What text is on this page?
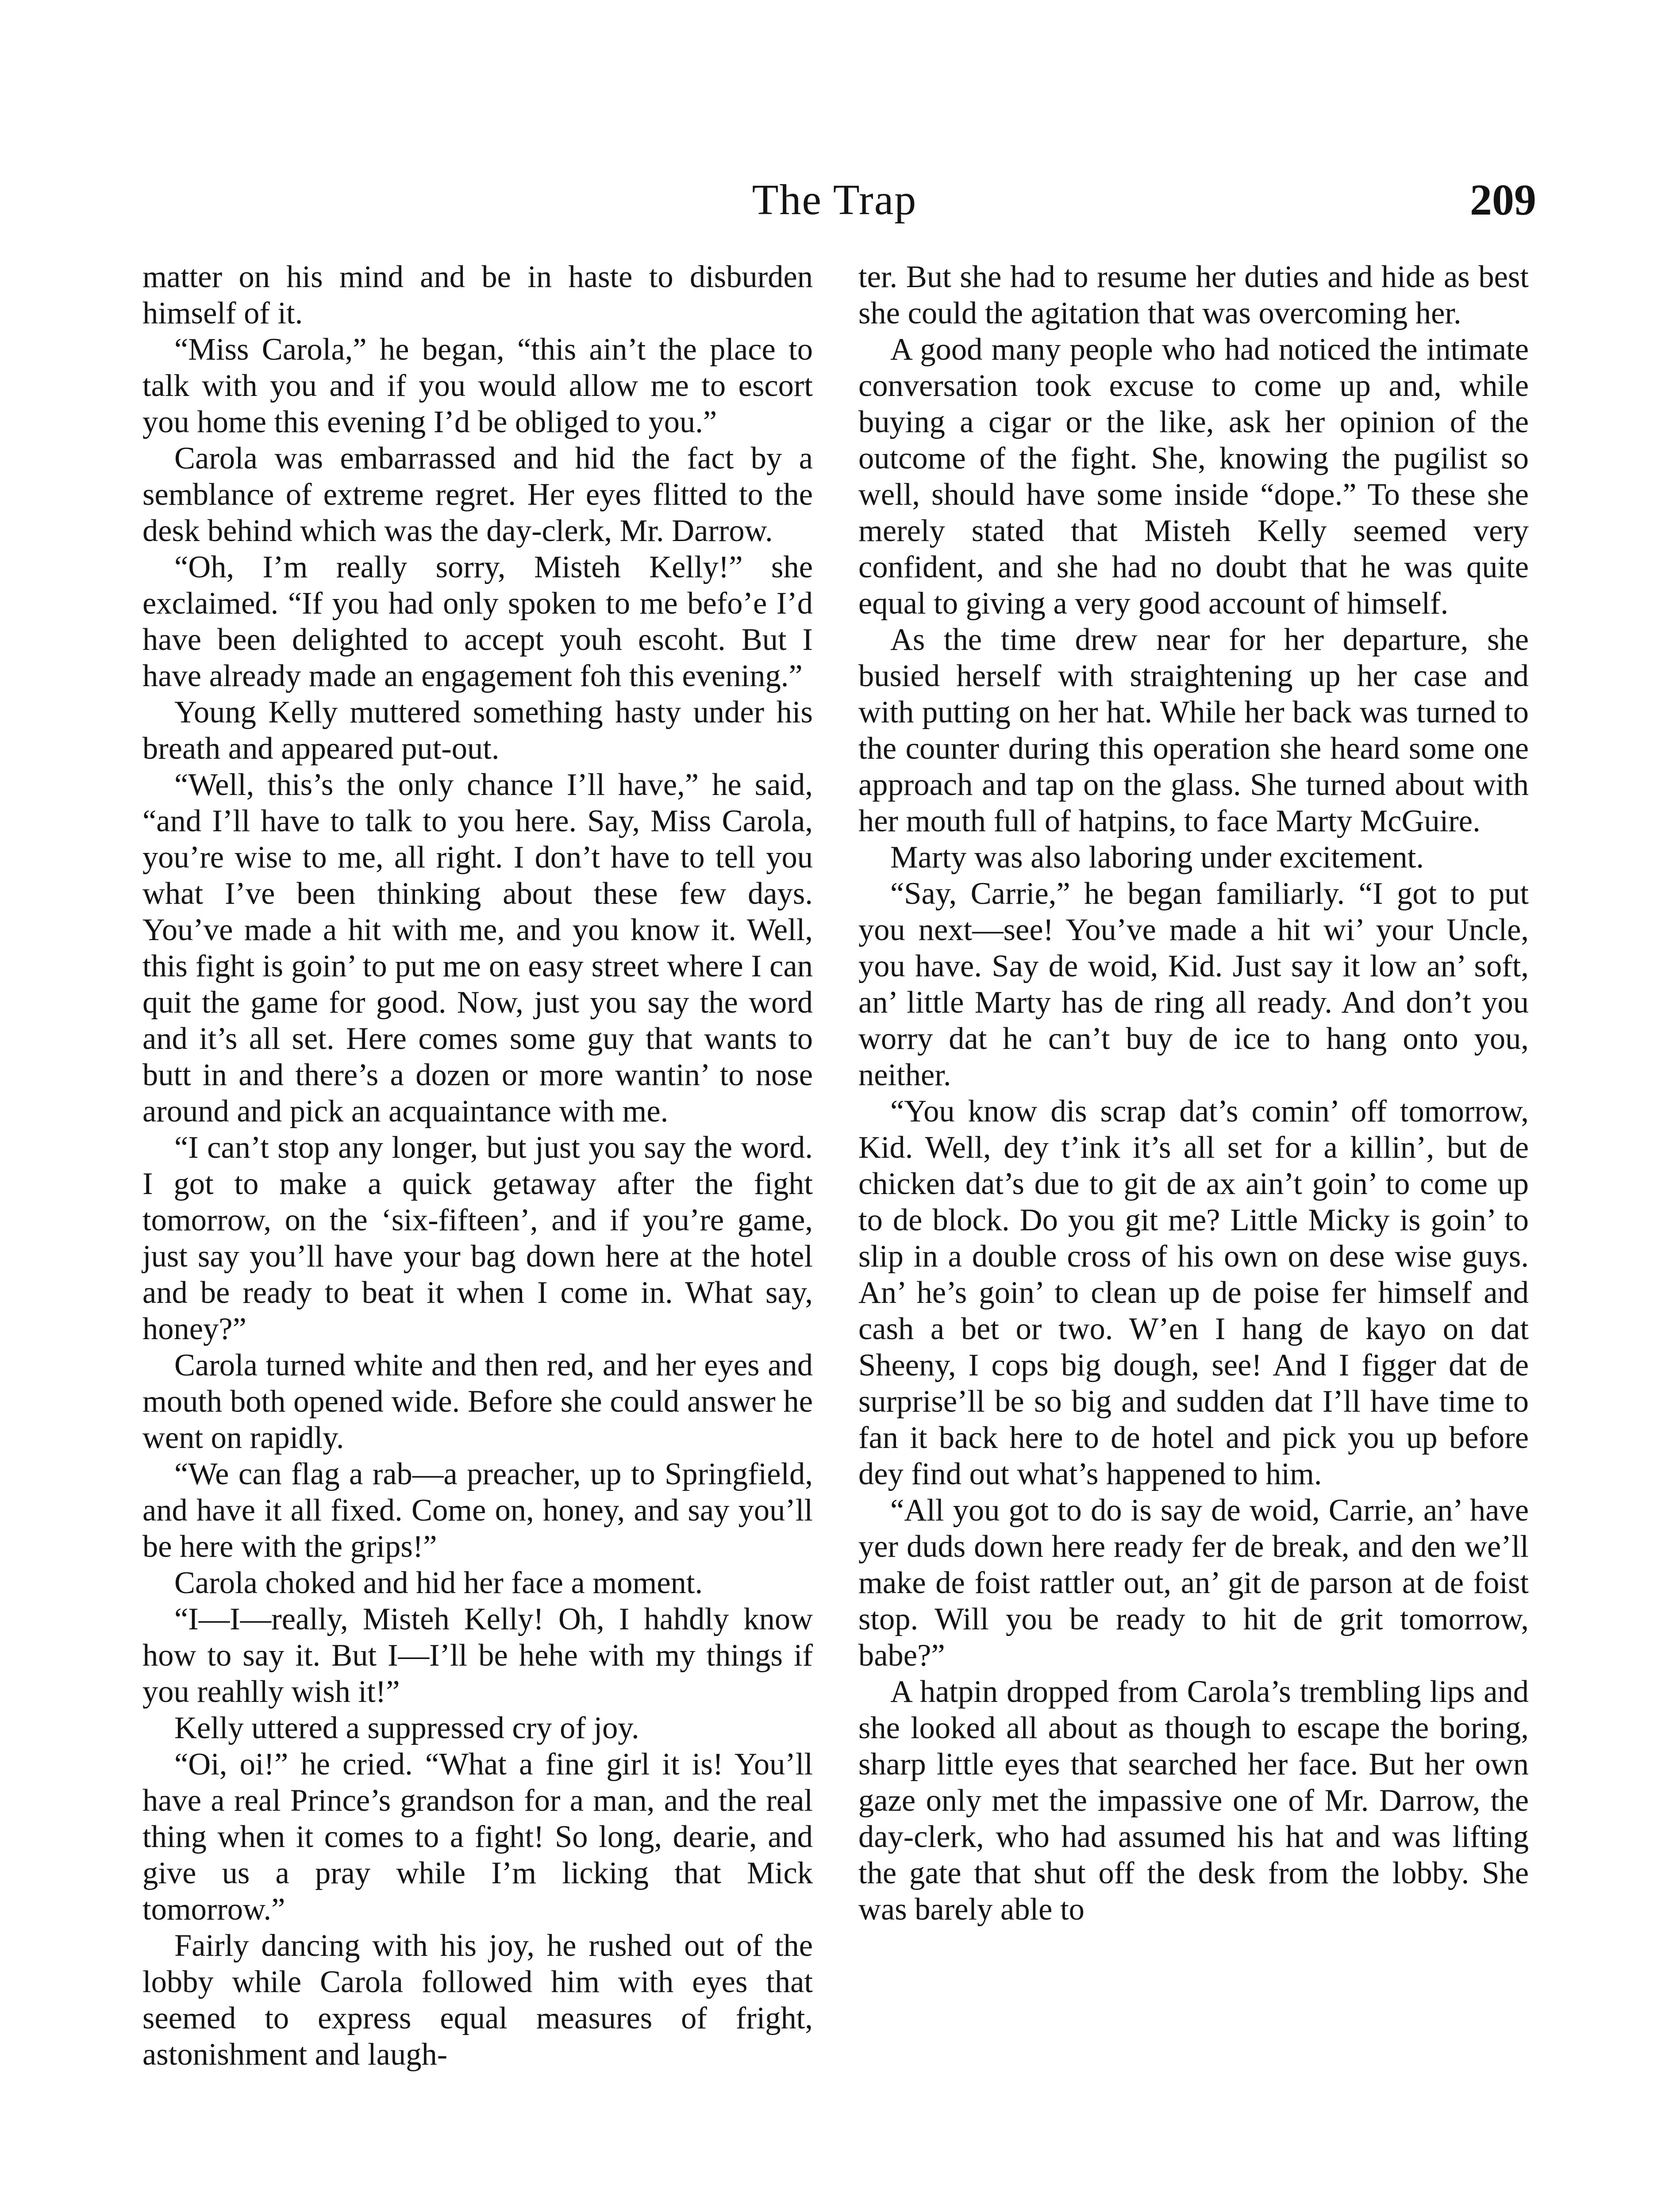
The Trap	209

matter on his mind and be in haste to disburden himself of it.

“Miss Carola,” he began, “this ain’t the place to talk with you and if you would allow me to escort you home this evening I’d be obliged to you.”

Carola was embarrassed and hid the fact by a semblance of extreme regret. Her eyes flitted to the desk behind which was the day-clerk, Mr. Darrow.

“Oh, I’m really sorry, Misteh Kelly!” she exclaimed. “If you had only spoken to me befo’e I’d have been delighted to accept youh escoht. But I have already made an engagement foh this evening.”

Young Kelly muttered something hasty under his breath and appeared put-out.

“Well, this’s the only chance I’ll have,” he said, “and I’ll have to talk to you here. Say, Miss Carola, you’re wise to me, all right. I don’t have to tell you what I’ve been thinking about these few days. You’ve made a hit with me, and you know it. Well, this fight is goin’ to put me on easy street where I can quit the game for good. Now, just you say the word and it’s all set. Here comes some guy that wants to butt in and there’s a dozen or more wantin’ to nose around and pick an acquaintance with me.

“I can’t stop any longer, but just you say the word. I got to make a quick getaway after the fight tomorrow, on the ‘six-fifteen’, and if you’re game, just say you’ll have your bag down here at the hotel and be ready to beat it when I come in. What say, honey?”

Carola turned white and then red, and her eyes and mouth both opened wide. Before she could answer he went on rapidly.

“We can flag a rab—a preacher, up to Springfield, and have it all fixed. Come on, honey, and say you’ll be here with the grips!”

Carola choked and hid her face a moment.

“I—I—really, Misteh Kelly! Oh, I hahdly know how to say it. But I—I’ll be hehe with my things if you reahlly wish it!”

Kelly uttered a suppressed cry of joy.

“Oi, oi!” he cried. “What a fine girl it is! You’ll have a real Prince’s grandson for a man, and the real thing when it comes to a fight! So long, dearie, and give us a pray while I’m licking that Mick tomorrow.”

Fairly dancing with his joy, he rushed out of the lobby while Carola followed him with eyes that seemed to express equal measures of fright, astonishment and laugh-

ter. But she had to resume her duties and hide as best she could the agitation that was overcoming her.

A good many people who had noticed the intimate conversation took excuse to come up and, while buying a cigar or the like, ask her opinion of the outcome of the fight. She, knowing the pugilist so well, should have some inside “dope.” To these she merely stated that Misteh Kelly seemed very confident, and she had no doubt that he was quite equal to giving a very good account of himself.

As the time drew near for her departure, she busied herself with straightening up her case and with putting on her hat. While her back was turned to the counter during this operation she heard some one approach and tap on the glass. She turned about with her mouth full of hatpins, to face Marty McGuire.

Marty was also laboring under excitement.

“Say, Carrie,” he began familiarly. “I got to put you next—see! You’ve made a hit wi’ your Uncle, you have. Say de woid, Kid. Just say it low an’ soft, an’ little Marty has de ring all ready. And don’t you worry dat he can’t buy de ice to hang onto you, neither.

“You know dis scrap dat’s comin’ off tomorrow, Kid. Well, dey t’ink it’s all set for a killin’, but de chicken dat’s due to git de ax ain’t goin’ to come up to de block. Do you git me? Little Micky is goin’ to slip in a double cross of his own on dese wise guys. An’ he’s goin’ to clean up de poise fer himself and cash a bet or two. W’en I hang de kayo on dat Sheeny, I cops big dough, see! And I figger dat de surprise’ll be so big and sudden dat I’ll have time to fan it back here to de hotel and pick you up before dey find out what’s happened to him.

“All you got to do is say de woid, Carrie, an’ have yer duds down here ready fer de break, and den we’ll make de foist rattler out, an’ git de parson at de foist stop. Will you be ready to hit de grit tomorrow, babe?”

A hatpin dropped from Carola’s trembling lips and she looked all about as though to escape the boring, sharp little eyes that searched her face. But her own gaze only met the impassive one of Mr. Darrow, the day-clerk, who had assumed his hat and was lifting the gate that shut off the desk from the lobby. She was barely able to
